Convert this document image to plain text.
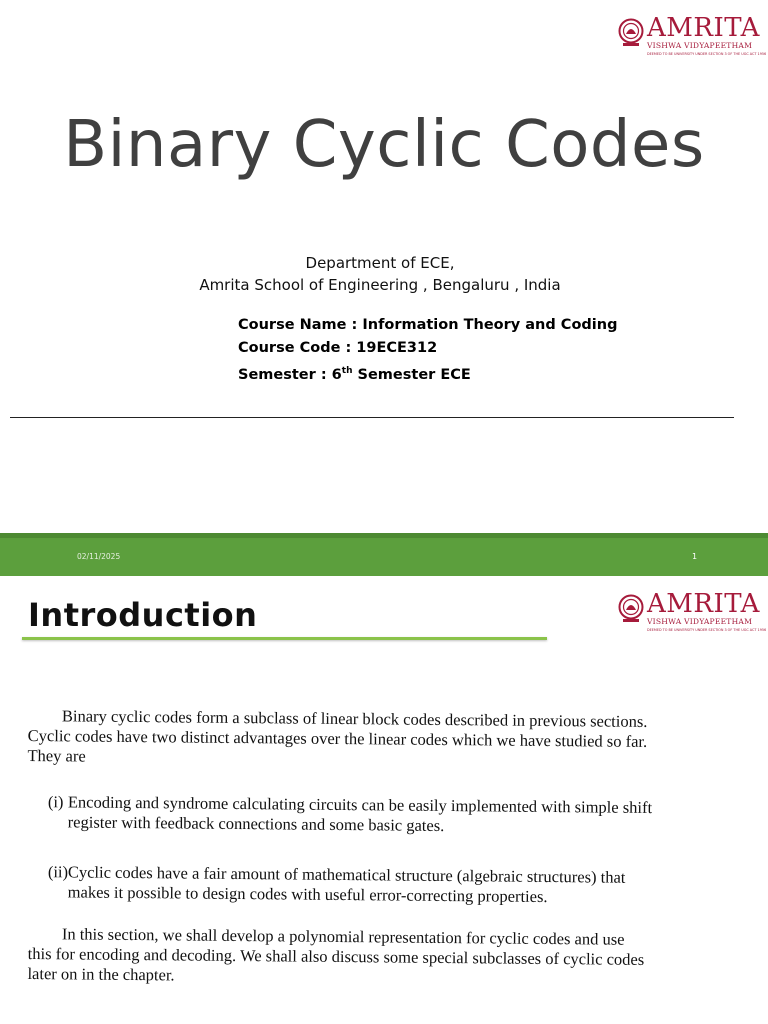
AMRITA
VISHWA VIDYAPEETHAM
DEEMED TO BE UNIVERSITY UNDER SECTION 3 OF THE UGC ACT 1956
Binary Cyclic Codes
Department of ECE,
Amrita School of Engineering , Bengaluru , India
Course Name : Information Theory and Coding
Course Code : 19ECE312
Semester : 6th Semester ECE
02/11/2025	1
Introduction	AMRITA
VISHWA VIDYAPEETHAM
DEEMED TO BE UNIVERSITY UNDER SECTION 3 OF THE UGC ACT 1956

Binary cyclic codes form a subclass of linear block codes described in previous sections.

Cyclic codes have two distinct advantages over the linear codes which we have studied so far.

They are

(i) Encoding and syndrome calculating circuits can be easily implemented with simple shift

register with feedback connections and some basic gates.

(ii) Cyclic codes have a fair amount of mathematical structure (algebraic structures) that

makes it possible to design codes with useful error-correcting properties.

In this section, we shall develop a polynomial representation for cyclic codes and use

this for encoding and decoding. We shall also discuss some special subclasses of cyclic codes

later on in the chapter.
